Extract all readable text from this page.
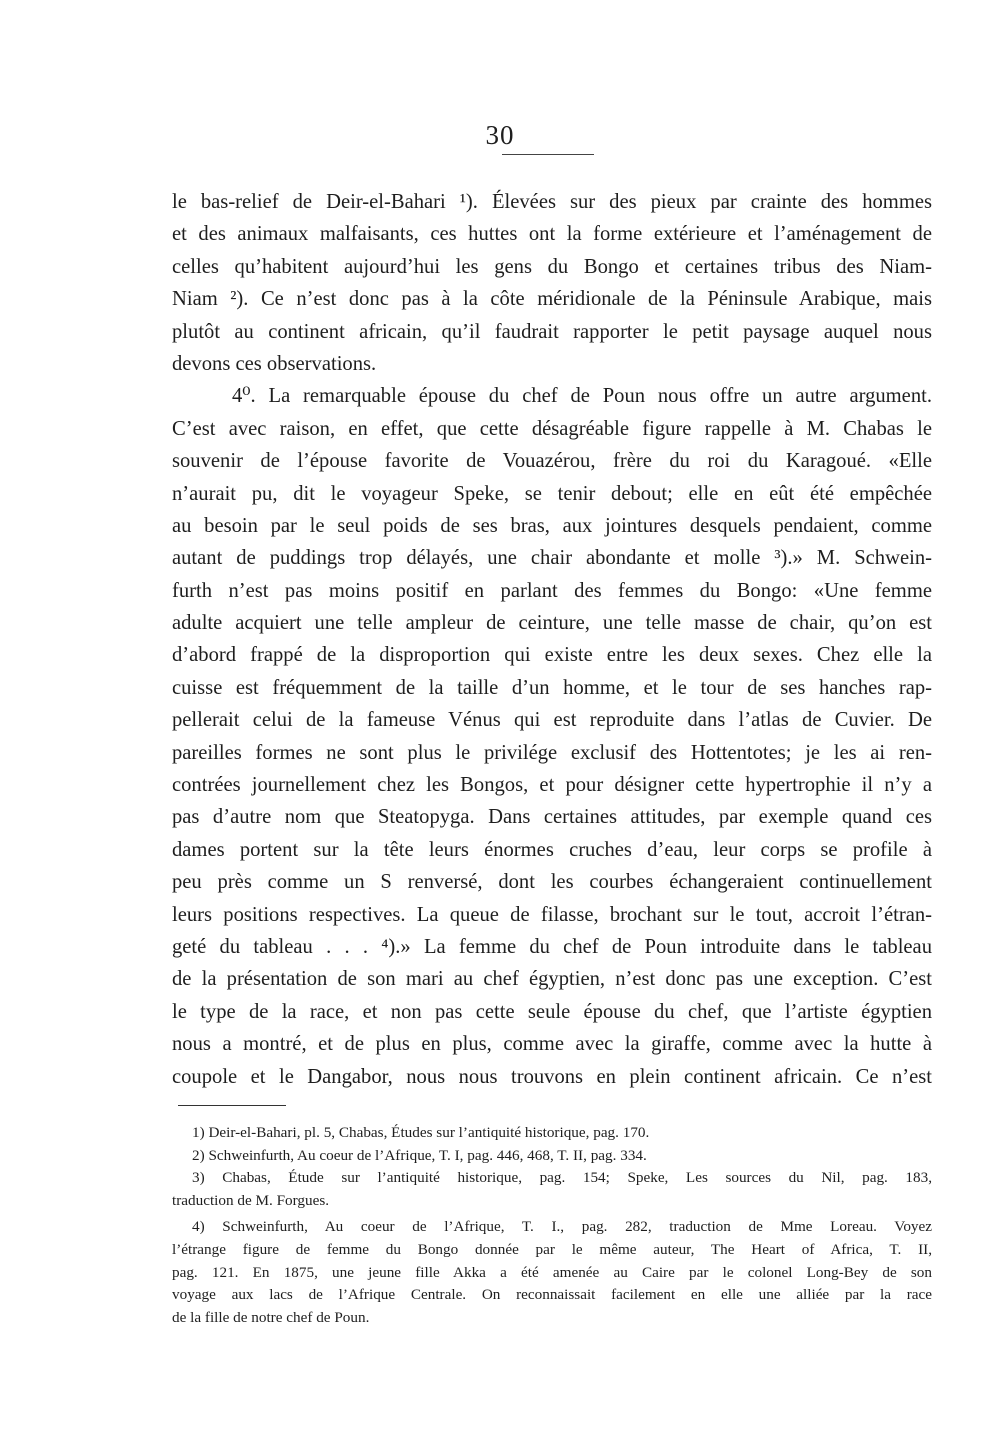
30
le bas-relief de Deir-el-Bahari ¹). Élevées sur des pieux par crainte des hommes
et des animaux malfaisants, ces huttes ont la forme extérieure et l’aménagement de
celles qu’habitent aujourd’hui les gens du Bongo et certaines tribus des Niam-
Niam ²). Ce n’est donc pas à la côte méridionale de la Péninsule Arabique, mais
plutôt au continent africain, qu’il faudrait rapporter le petit paysage auquel nous
devons ces observations.
4⁰. La remarquable épouse du chef de Poun nous offre un autre argument.
C’est avec raison, en effet, que cette désagréable figure rappelle à M. Chabas le
souvenir de l’épouse favorite de Vouazérou, frère du roi du Karagoué. «Elle
n’aurait pu, dit le voyageur Speke, se tenir debout; elle en eût été empêchée
au besoin par le seul poids de ses bras, aux jointures desquels pendaient, comme
autant de puddings trop délayés, une chair abondante et molle ³).» M. Schwein-
furth n’est pas moins positif en parlant des femmes du Bongo: «Une femme
adulte acquiert une telle ampleur de ceinture, une telle masse de chair, qu’on est
d’abord frappé de la disproportion qui existe entre les deux sexes. Chez elle la
cuisse est fréquemment de la taille d’un homme, et le tour de ses hanches rap-
pellerait celui de la fameuse Vénus qui est reproduite dans l’atlas de Cuvier. De
pareilles formes ne sont plus le privilége exclusif des Hottentotes; je les ai ren-
contrées journellement chez les Bongos, et pour désigner cette hypertrophie il n’y a
pas d’autre nom que Steatopyga. Dans certaines attitudes, par exemple quand ces
dames portent sur la tête leurs énormes cruches d’eau, leur corps se profile à
peu près comme un S renversé, dont les courbes échangeraient continuellement
leurs positions respectives. La queue de filasse, brochant sur le tout, accroit l’étran-
geté du tableau . . . ⁴).» La femme du chef de Poun introduite dans le tableau
de la présentation de son mari au chef égyptien, n’est donc pas une exception. C’est
le type de la race, et non pas cette seule épouse du chef, que l’artiste égyptien
nous a montré, et de plus en plus, comme avec la giraffe, comme avec la hutte à
coupole et le Dangabor, nous nous trouvons en plein continent africain. Ce n’est
1) Deir-el-Bahari, pl. 5, Chabas, Études sur l’antiquité historique, pag. 170.
2) Schweinfurth, Au coeur de l’Afrique, T. I, pag. 446, 468, T. II, pag. 334.
3) Chabas, Étude sur l’antiquité historique, pag. 154; Speke, Les sources du Nil, pag. 183,
traduction de M. Forgues.
4) Schweinfurth, Au coeur de l’Afrique, T. I., pag. 282, traduction de Mme Loreau. Voyez
l’étrange figure de femme du Bongo donnée par le même auteur, The Heart of Africa, T. II,
pag. 121. En 1875, une jeune fille Akka a été amenée au Caire par le colonel Long-Bey de son
voyage aux lacs de l’Afrique Centrale. On reconnaissait facilement en elle une alliée par la race
de la fille de notre chef de Poun.
